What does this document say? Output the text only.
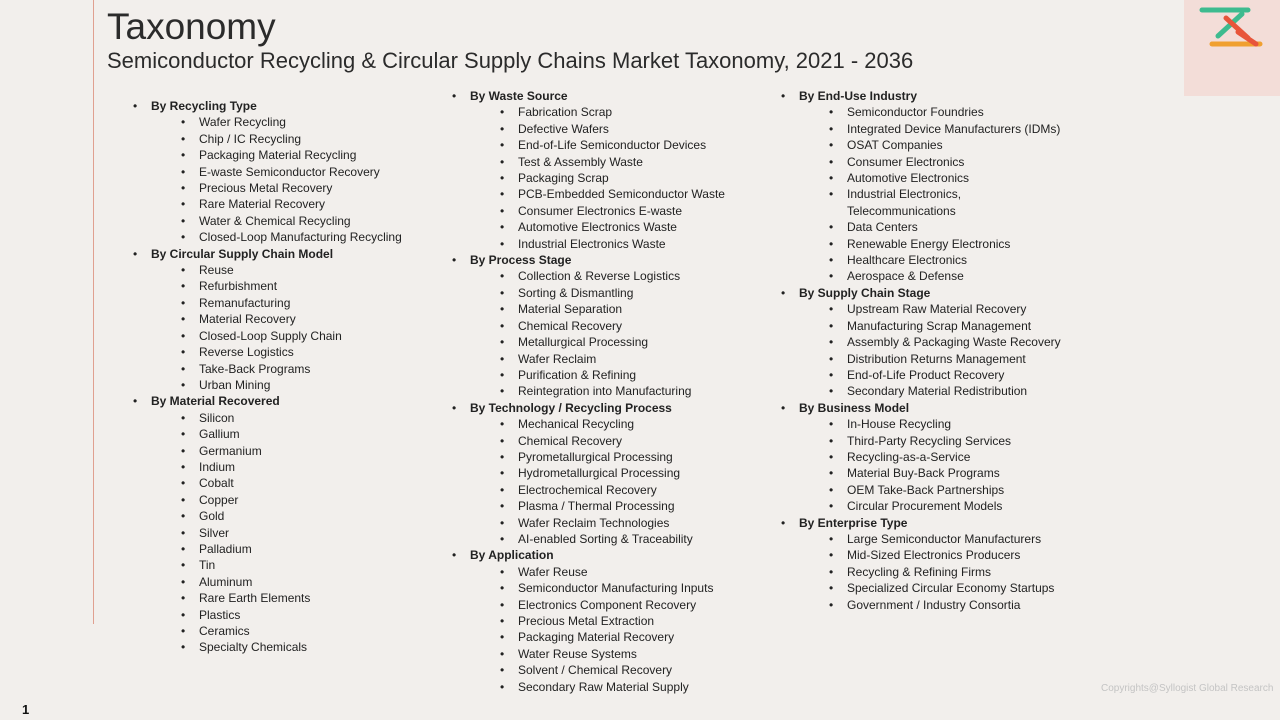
Taxonomy
Semiconductor Recycling & Circular Supply Chains Market Taxonomy, 2021 - 2036
• By Recycling Type
• Wafer Recycling
• Chip / IC Recycling
• Packaging Material Recycling
• E-waste Semiconductor Recovery
• Precious Metal Recovery
• Rare Material Recovery
• Water & Chemical Recycling
• Closed-Loop Manufacturing Recycling
• By Circular Supply Chain Model
• Reuse
• Refurbishment
• Remanufacturing
• Material Recovery
• Closed-Loop Supply Chain
• Reverse Logistics
• Take-Back Programs
• Urban Mining
• By Material Recovered
• Silicon
• Gallium
• Germanium
• Indium
• Cobalt
• Copper
• Gold
• Silver
• Palladium
• Tin
• Aluminum
• Rare Earth Elements
• Plastics
• Ceramics
• Specialty Chemicals
• By Waste Source
• Fabrication Scrap
• Defective Wafers
• End-of-Life Semiconductor Devices
• Test & Assembly Waste
• Packaging Scrap
• PCB-Embedded Semiconductor Waste
• Consumer Electronics E-waste
• Automotive Electronics Waste
• Industrial Electronics Waste
• By Process Stage
• Collection & Reverse Logistics
• Sorting & Dismantling
• Material Separation
• Chemical Recovery
• Metallurgical Processing
• Wafer Reclaim
• Purification & Refining
• Reintegration into Manufacturing
• By Technology / Recycling Process
• Mechanical Recycling
• Chemical Recovery
• Pyrometallurgical Processing
• Hydrometallurgical Processing
• Electrochemical Recovery
• Plasma / Thermal Processing
• Wafer Reclaim Technologies
• AI-enabled Sorting & Traceability
• By Application
• Wafer Reuse
• Semiconductor Manufacturing Inputs
• Electronics Component Recovery
• Precious Metal Extraction
• Packaging Material Recovery
• Water Reuse Systems
• Solvent / Chemical Recovery
• Secondary Raw Material Supply
• By End-Use Industry
• Semiconductor Foundries
• Integrated Device Manufacturers (IDMs)
• OSAT Companies
• Consumer Electronics
• Automotive Electronics
• Industrial Electronics,
Telecommunications
• Data Centers
• Renewable Energy Electronics
• Healthcare Electronics
• Aerospace & Defense
• By Supply Chain Stage
• Upstream Raw Material Recovery
• Manufacturing Scrap Management
• Assembly & Packaging Waste Recovery
• Distribution Returns Management
• End-of-Life Product Recovery
• Secondary Material Redistribution
• By Business Model
• In-House Recycling
• Third-Party Recycling Services
• Recycling-as-a-Service
• Material Buy-Back Programs
• OEM Take-Back Partnerships
• Circular Procurement Models
• By Enterprise Type
• Large Semiconductor Manufacturers
• Mid-Sized Electronics Producers
• Recycling & Refining Firms
• Specialized Circular Economy Startups
• Government / Industry Consortia
Copyrights@Syllogist Global Research
1
